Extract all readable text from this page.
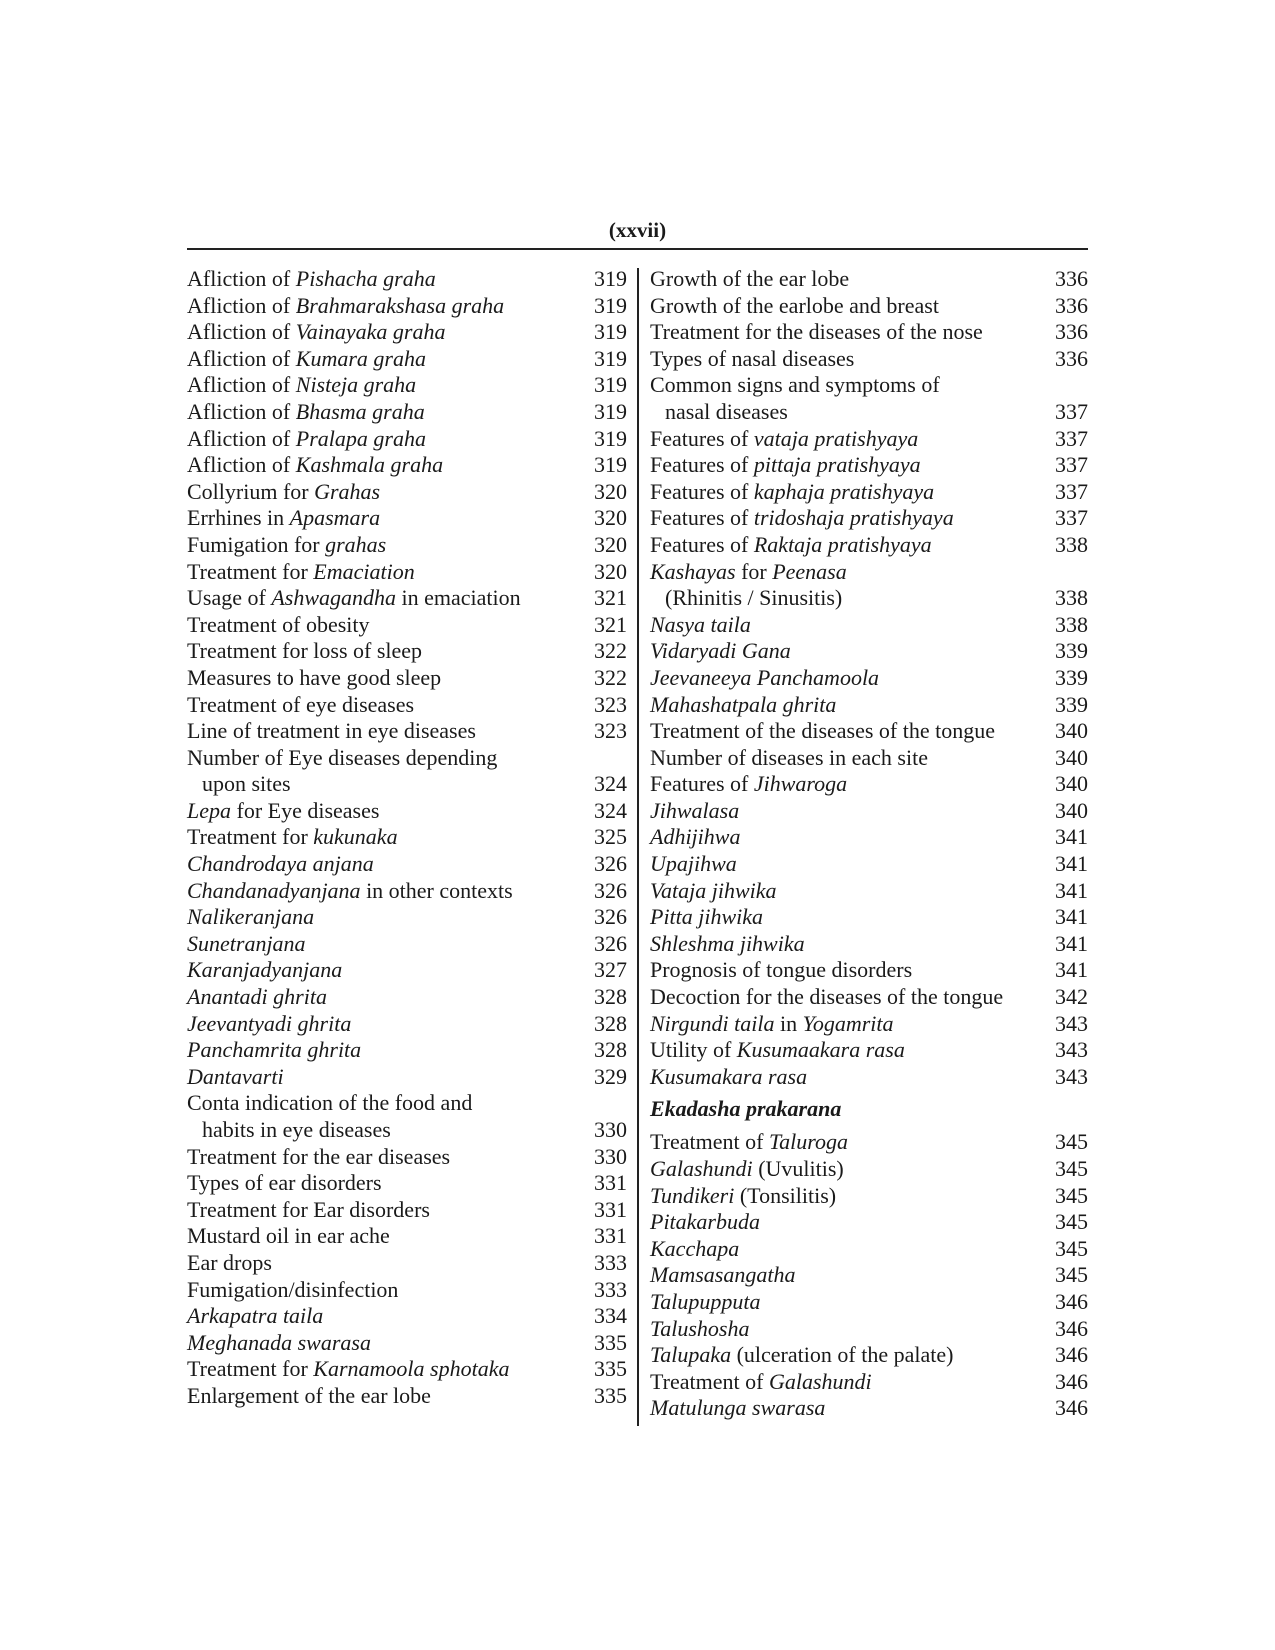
(xxvii)
Afliction of Pishacha graha	319
Afliction of Brahmarakshasa graha	319
Afliction of Vainayaka graha	319
Afliction of Kumara graha	319
Afliction of Nisteja graha	319
Afliction of Bhasma graha	319
Afliction of Pralapa graha	319
Afliction of Kashmala graha	319
Collyrium for Grahas	320
Errhines in Apasmara	320
Fumigation for grahas	320
Treatment for Emaciation	320
Usage of Ashwagandha in emaciation	321
Treatment of obesity	321
Treatment for loss of sleep	322
Measures to have good sleep	322
Treatment of eye diseases	323
Line of treatment in eye diseases	323
Number of Eye diseases depending
upon sites	324
Lepa for Eye diseases	324
Treatment for kukunaka	325
Chandrodaya anjana	326
Chandanadyanjana in other contexts	326
Nalikeranjana	326
Sunetranjana	326
Karanjadyanjana	327
Anantadi ghrita	328
Jeevantyadi ghrita	328
Panchamrita ghrita	328
Dantavarti	329
Conta indication of the food and
habits in eye diseases	330
Treatment for the ear diseases	330
Types of ear disorders	331
Treatment for Ear disorders	331
Mustard oil in ear ache	331
Ear drops	333
Fumigation/disinfection	333
Arkapatra taila	334
Meghanada swarasa	335
Treatment for Karnamoola sphotaka	335
Enlargement of the ear lobe	335
Growth of the ear lobe	336
Growth of the earlobe and breast	336
Treatment for the diseases of the nose	336
Types of nasal diseases	336
Common signs and symptoms of
nasal diseases	337
Features of vataja pratishyaya	337
Features of pittaja pratishyaya	337
Features of kaphaja pratishyaya	337
Features of tridoshaja pratishyaya	337
Features of Raktaja pratishyaya	338
Kashayas for Peenasa
(Rhinitis / Sinusitis)	338
Nasya taila	338
Vidaryadi Gana	339
Jeevaneeya Panchamoola	339
Mahashatpala ghrita	339
Treatment of the diseases of the tongue	340
Number of diseases in each site	340
Features of Jihwaroga	340
Jihwalasa	340
Adhijihwa	341
Upajihwa	341
Vataja jihwika	341
Pitta jihwika	341
Shleshma jihwika	341
Prognosis of tongue disorders	341
Decoction for the diseases of the tongue 342
Nirgundi taila in Yogamrita	343
Utility of Kusumaakara rasa	343
Kusumakara rasa	343
Ekadasha prakarana
Treatment of Taluroga	345
Galashundi (Uvulitis)	345
Tundikeri (Tonsilitis)	345
Pitakarbuda	345
Kacchapa	345
Mamsasangatha	345
Talupupputa	346
Talushosha	346
Talupaka (ulceration of the palate)	346
Treatment of Galashundi	346
Matulunga swarasa	346
